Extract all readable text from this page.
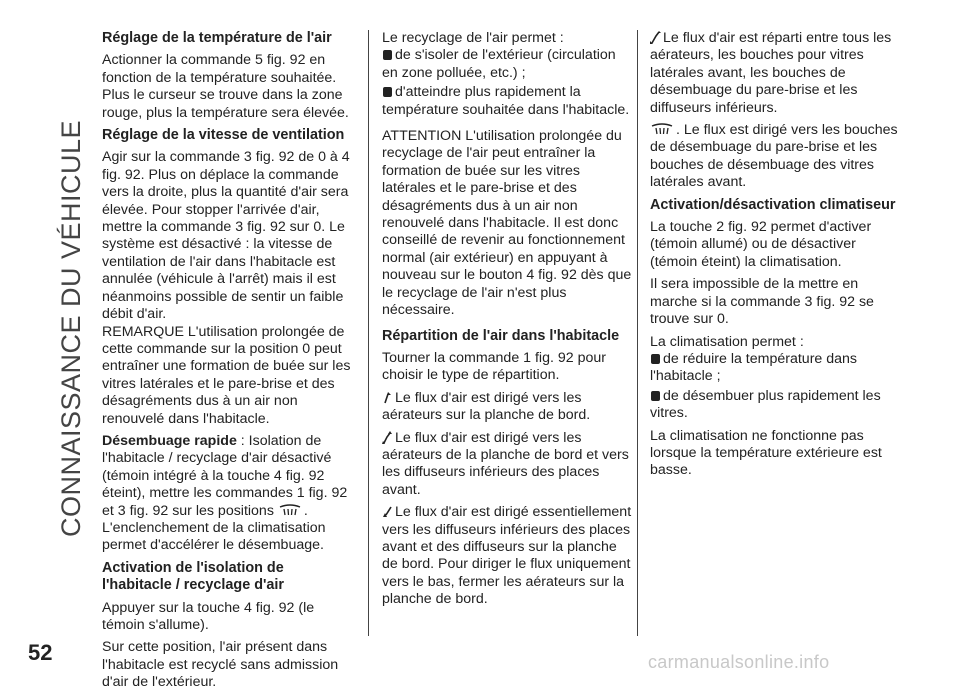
CONNAISSANCE DU VÉHICULE
52	carmanualsonline.info
Réglage de la température de l'air

Actionner la commande 5 fig. 92 en fonction de la température souhaitée. Plus le curseur se trouve dans la zone rouge, plus la température sera élevée.

Réglage de la vitesse de ventilation

Agir sur la commande 3 fig. 92 de 0 à 4 fig. 92. Plus on déplace la commande vers la droite, plus la quantité d'air sera élevée. Pour stopper l'arrivée d'air, mettre la commande 3 fig. 92 sur 0. Le système est désactivé : la vitesse de ventilation de l'air dans l'habitacle est annulée (véhicule à l'arrêt) mais il est néanmoins possible de sentir un faible débit d'air.

REMARQUE L'utilisation prolongée de cette commande sur la position 0 peut entraîner une formation de buée sur les vitres latérales et le pare-brise et des désagréments dus à un air non renouvelé dans l'habitacle.

Désembuage rapide : Isolation de l'habitacle / recyclage d'air désactivé (témoin intégré à la touche 4 fig. 92 éteint), mettre les commandes 1 fig. 92 et 3 fig. 92 sur les positions .

L'enclenchement de la climatisation permet d'accélérer le désembuage.

Activation de l'isolation de l'habitacle / recyclage d'air

Appuyer sur la touche 4 fig. 92 (le témoin s'allume).

Sur cette position, l'air présent dans l'habitacle est recyclé sans admission d'air de l'extérieur.

Le recyclage de l'air permet :

de s'isoler de l'extérieur (circulation en zone polluée, etc.) ;

d'atteindre plus rapidement la température souhaitée dans l'habitacle.

ATTENTION L'utilisation prolongée du recyclage de l'air peut entraîner la formation de buée sur les vitres latérales et le pare-brise et des désagréments dus à un air non renouvelé dans l'habitacle. Il est donc conseillé de revenir au fonctionnement normal (air extérieur) en appuyant à nouveau sur le bouton 4 fig. 92 dès que le recyclage de l'air n'est plus nécessaire.

Répartition de l'air dans l'habitacle

Tourner la commande 1 fig. 92 pour choisir le type de répartition.

Le flux d'air est dirigé vers les aérateurs sur la planche de bord.

Le flux d'air est dirigé vers les aérateurs de la planche de bord et vers les diffuseurs inférieurs des places avant.

Le flux d'air est dirigé essentiellement vers les diffuseurs inférieurs des places avant et des diffuseurs sur la planche de bord. Pour diriger le flux uniquement vers le bas, fermer les aérateurs sur la planche de bord.

Le flux d'air est réparti entre tous les aérateurs, les bouches pour vitres latérales avant, les bouches de désembuage du pare-brise et les diffuseurs inférieurs.

. Le flux est dirigé vers les bouches de désembuage du pare-brise et les bouches de désembuage des vitres latérales avant.

Activation/désactivation climatiseur

La touche 2 fig. 92 permet d'activer (témoin allumé) ou de désactiver (témoin éteint) la climatisation.

Il sera impossible de la mettre en marche si la commande 3 fig. 92 se trouve sur 0.

La climatisation permet :

de réduire la température dans l'habitacle ;

de désembuer plus rapidement les vitres.

La climatisation ne fonctionne pas lorsque la température extérieure est basse.
